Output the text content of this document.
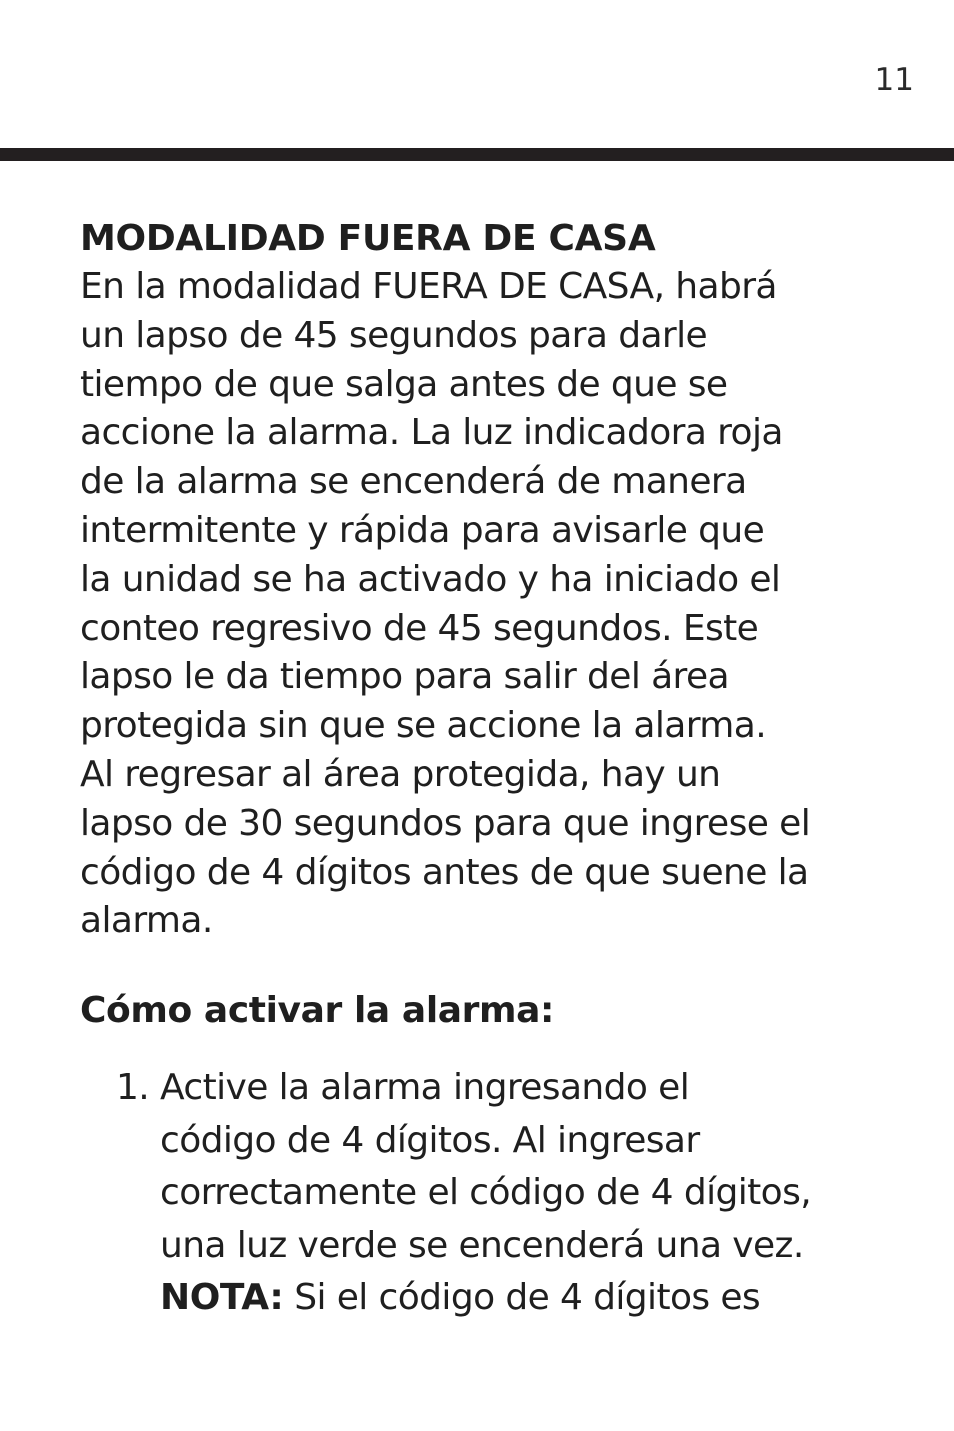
11
MODALIDAD FUERA DE CASA
En la modalidad FUERA DE CASA, habrá
un lapso de 45 segundos para darle
tiempo de que salga antes de que se
accione la alarma. La luz indicadora roja
de la alarma se encenderá de manera
intermitente y rápida para avisarle que
la unidad se ha activado y ha iniciado el
conteo regresivo de 45 segundos. Este
lapso le da tiempo para salir del área
protegida sin que se accione la alarma.
Al regresar al área protegida, hay un
lapso de 30 segundos para que ingrese el
código de 4 dígitos antes de que suene la
alarma.
Cómo activar la alarma:
1. Active la alarma ingresando el
código de 4 dígitos. Al ingresar
correctamente el código de 4 dígitos,
una luz verde se encenderá una vez.
NOTA: Si el código de 4 dígitos es
